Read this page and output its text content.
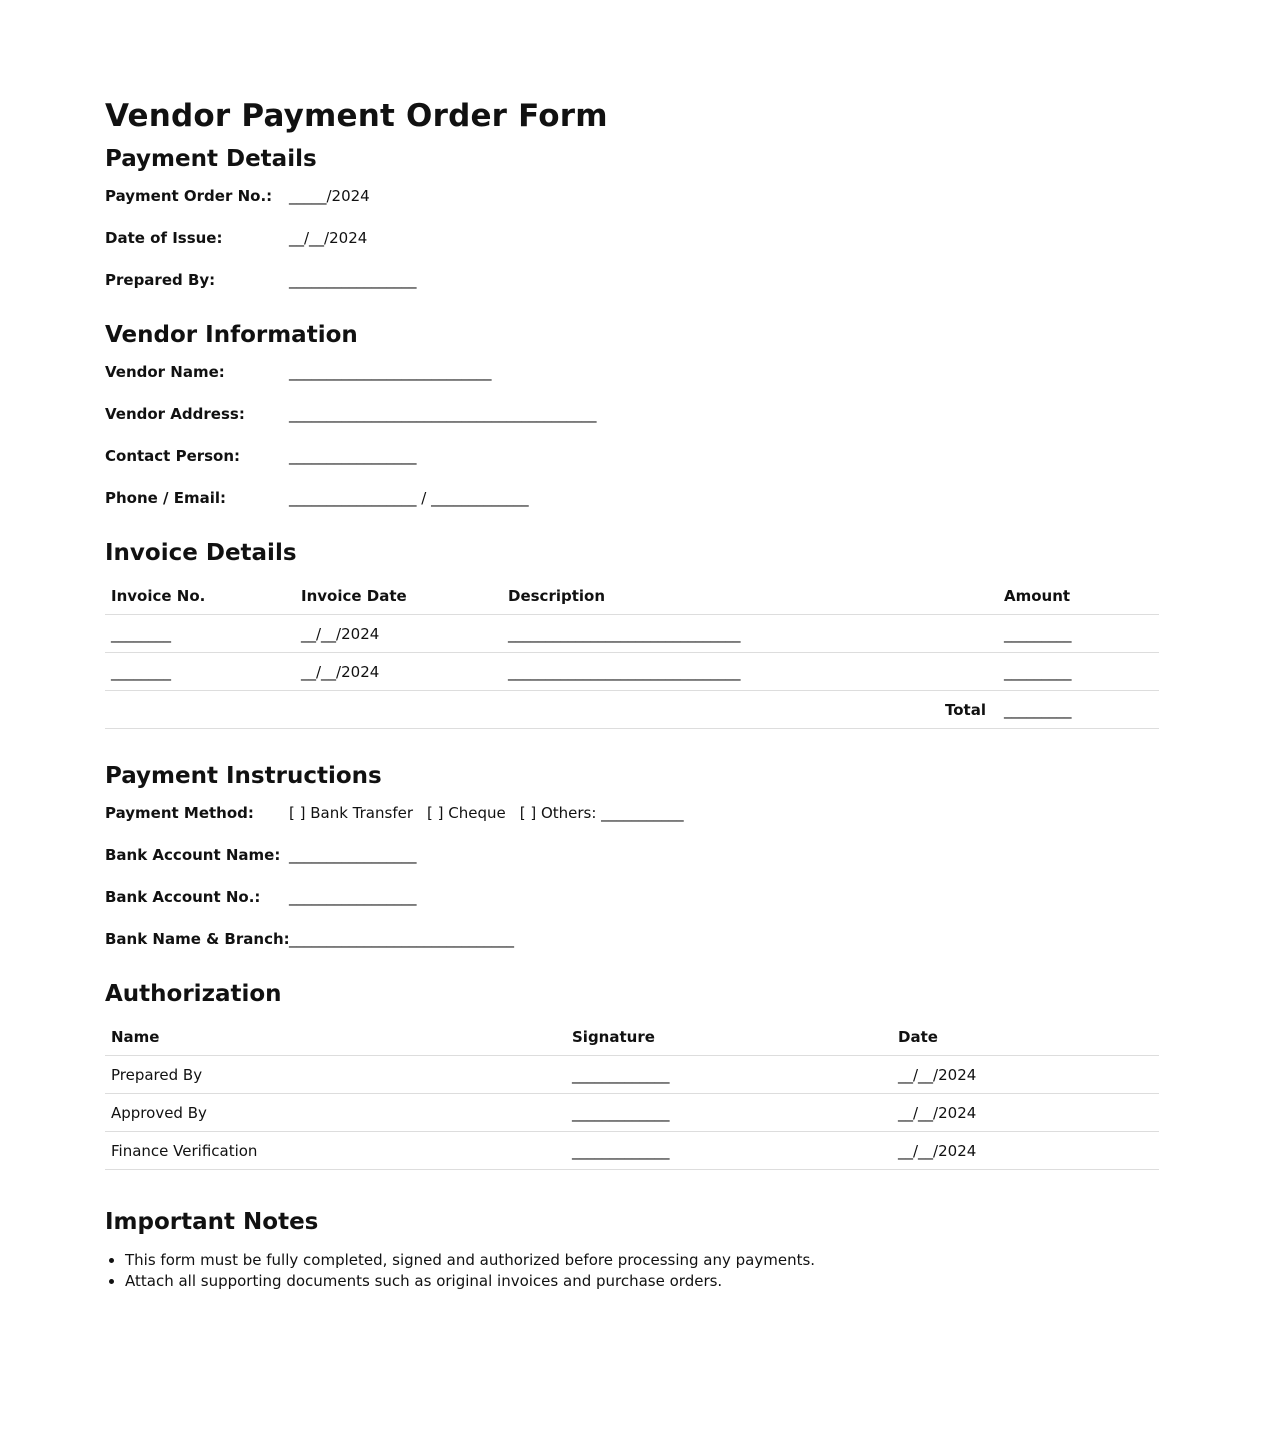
Vendor Payment Order Form
Payment Details
Payment Order No.:	_____/2024
Date of Issue:	__/__/2024
Prepared By:	_________________
Vendor Information
Vendor Name:	___________________________
Vendor Address:	_________________________________________
Contact Person:	_________________
Phone / Email:	_________________ / _____________
Invoice Details
Invoice No.	Invoice Date	Description	Amount
________	__/__/2024	_______________________________	_________
________	__/__/2024	_______________________________	_________
Total			_________
Payment Instructions
Payment Method:	[ ] Bank Transfer [ ] Cheque [ ] Others: ___________
Bank Account Name: _________________
Bank Account No.:	_________________
Bank Name & Branch: ______________________________
Authorization
Name	Signature	Date
Prepared By	_____________	__/__/2024
Approved By	_____________	__/__/2024
Finance Verification	_____________	__/__/2024
Important Notes
• This form must be fully completed, signed and authorized before processing any payments.
• Attach all supporting documents such as original invoices and purchase orders.
